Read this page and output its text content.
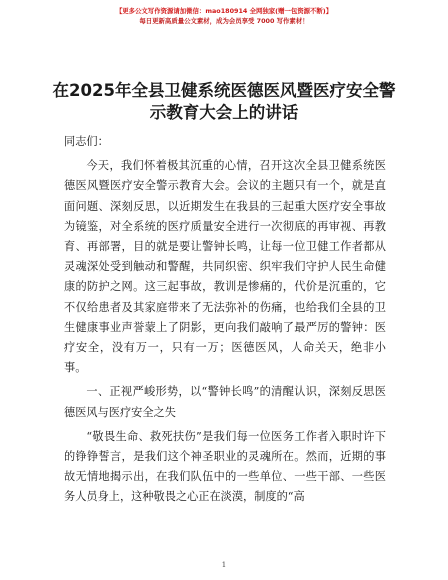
【更多公文写作资源请加微信：mao180914 全网独家(赠一包资源不断)】
每日更新高质量公文素材，成为会员享受 7000 写作素材！
在2025年全县卫健系统医德医风暨医疗安全警示教育大会上的讲话

同志们：

今天，我们怀着极其沉重的心情，召开这次全县卫健系统医德医风暨医疗安全警示教育大会。会议的主题只有一个，就是直面问题、深刻反思，以近期发生在我县的三起重大医疗安全事故为镜鉴，对全系统的医疗质量安全进行一次彻底的再审视、再教育、再部署，目的就是要让警钟长鸣，让每一位卫健工作者都从灵魂深处受到触动和警醒，共同织密、织牢我们守护人民生命健康的防护之网。这三起事故，教训是惨痛的，代价是沉重的，它不仅给患者及其家庭带来了无法弥补的伤痛，也给我们全县的卫生健康事业声誉蒙上了阴影，更向我们敲响了最严厉的警钟：医疗安全，没有万一，只有一万；医德医风，人命关天，绝非小事。

一、正视严峻形势，以“警钟长鸣”的清醒认识，深刻反思医德医风与医疗安全之失

“敬畏生命、救死扶伤”是我们每一位医务工作者入职时许下的铮铮誓言，是我们这个神圣职业的灵魂所在。然而，近期的事故无情地揭示出，在我们队伍中的一些单位、一些干部、一些医务人员身上，这种敬畏之心正在淡漠，制度的“高

1
